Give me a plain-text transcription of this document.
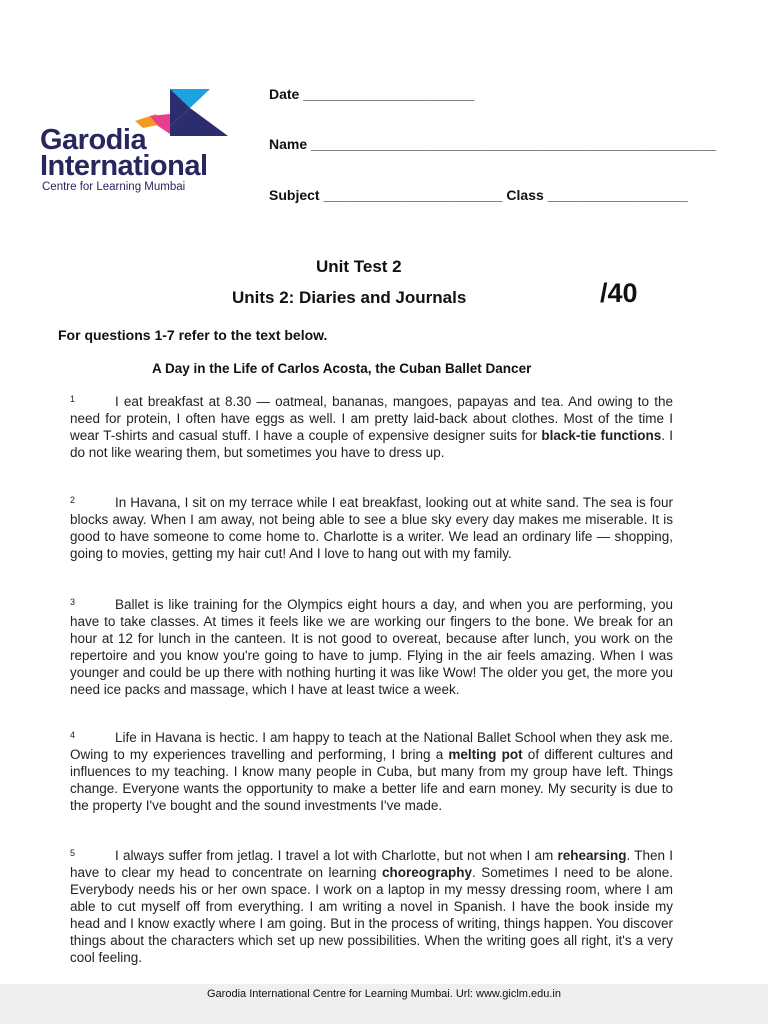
Garodia
International
Centre for Learning Mumbai
Date ______________________
Name ____________________________________________________
Subject _______________________ Class __________________
Unit Test 2
Units 2: Diaries and Journals	/40
For questions 1-7 refer to the text below.
A Day in the Life of Carlos Acosta, the Cuban Ballet Dancer
1	I eat breakfast at 8.30 — oatmeal, bananas, mangoes, papayas and tea. And owing to the need for protein, I often have eggs as well. I am pretty laid-back about clothes. Most of the time I wear T-shirts and casual stuff. I have a couple of expensive designer suits for black-tie functions. I do not like wearing them, but sometimes you have to dress up.
2	In Havana, I sit on my terrace while I eat breakfast, looking out at white sand. The sea is four blocks away. When I am away, not being able to see a blue sky every day makes me miserable. It is good to have someone to come home to. Charlotte is a writer. We lead an ordinary life — shopping, going to movies, getting my hair cut! And I love to hang out with my family.
3	Ballet is like training for the Olympics eight hours a day, and when you are performing, you have to take classes. At times it feels like we are working our fingers to the bone. We break for an hour at 12 for lunch in the canteen. It is not good to overeat, because after lunch, you work on the repertoire and you know you're going to have to jump. Flying in the air feels amazing. When I was younger and could be up there with nothing hurting it was like Wow! The older you get, the more you need ice packs and massage, which I have at least twice a week.
4	Life in Havana is hectic. I am happy to teach at the National Ballet School when they ask me. Owing to my experiences travelling and performing, I bring a melting pot of different cultures and influences to my teaching. I know many people in Cuba, but many from my group have left. Things change. Everyone wants the opportunity to make a better life and earn money. My security is due to the property I've bought and the sound investments I've made.
5	I always suffer from jetlag. I travel a lot with Charlotte, but not when I am rehearsing. Then I have to clear my head to concentrate on learning choreography. Sometimes I need to be alone. Everybody needs his or her own space. I work on a laptop in my messy dressing room, where I am able to cut myself off from everything. I am writing a novel in Spanish. I have the book inside my head and I know exactly where I am going. But in the process of writing, things happen. You discover things about the characters which set up new possibilities. When the writing goes all right, it's a very cool feeling.
Garodia International Centre for Learning Mumbai. Url: www.giclm.edu.in
